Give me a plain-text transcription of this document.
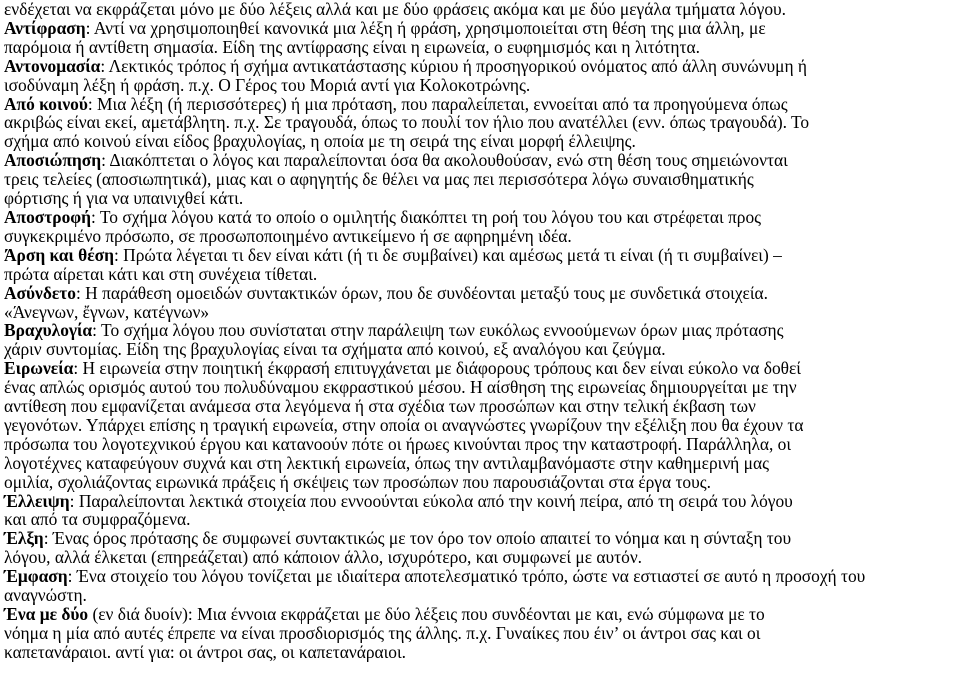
ενδέχεται να εκφράζεται μόνο με δύο λέξεις αλλά και με δύο φράσεις ακόμα και με δύο μεγάλα τμήματα λόγου.
Αντίφραση: Αντί να χρησιμοποιηθεί κανονικά μια λέξη ή φράση, χρησιμοποιείται στη θέση της μια άλλη, με
παρόμοια ή αντίθετη σημασία. Είδη της αντίφρασης είναι η ειρωνεία, ο ευφημισμός και η λιτότητα.
Αντονομασία: Λεκτικός τρόπος ή σχήμα αντικατάστασης κύριου ή προσηγορικού ονόματος από άλλη συνώνυμη ή
ισοδύναμη λέξη ή φράση. π.χ. Ο Γέρος του Μοριά αντί για Κολοκοτρώνης.
Από κοινού: Μια λέξη (ή περισσότερες) ή μια πρόταση, που παραλείπεται, εννοείται από τα προηγούμενα όπως
ακριβώς είναι εκεί, αμετάβλητη. π.χ. Σε τραγουδά, όπως το πουλί τον ήλιο που ανατέλλει (ενν. όπως τραγουδά). Το
σχήμα από κοινού είναι είδος βραχυλογίας, η οποία με τη σειρά της είναι μορφή έλλειψης.
Αποσιώπηση: Διακόπτεται ο λόγος και παραλείπονται όσα θα ακολουθούσαν, ενώ στη θέση τους σημειώνονται
τρεις τελείες (αποσιωπητικά), μιας και ο αφηγητής δε θέλει να μας πει περισσότερα λόγω συναισθηματικής
φόρτισης ή για να υπαινιχθεί κάτι.
Αποστροφή: Το σχήμα λόγου κατά το οποίο ο ομιλητής διακόπτει τη ροή του λόγου του και στρέφεται προς
συγκεκριμένο πρόσωπο, σε προσωποποιημένο αντικείμενο ή σε αφηρημένη ιδέα.
Άρση και θέση: Πρώτα λέγεται τι δεν είναι κάτι (ή τι δε συμβαίνει) και αμέσως μετά τι είναι (ή τι συμβαίνει) –
πρώτα αίρεται κάτι και στη συνέχεια τίθεται.
Ασύνδετο: Η παράθεση ομοειδών συντακτικών όρων, που δε συνδέονται μεταξύ τους με συνδετικά στοιχεία.
«Άνεγνων, ἔγνων, κατέγνων»
Βραχυλογία: Το σχήμα λόγου που συνίσταται στην παράλειψη των ευκόλως εννοούμενων όρων μιας πρότασης
χάριν συντομίας. Είδη της βραχυλογίας είναι τα σχήματα από κοινού, εξ αναλόγου και ζεύγμα.
Ειρωνεία: Η ειρωνεία στην ποιητική έκφρασή επιτυγχάνεται με διάφορους τρόπους και δεν είναι εύκολο να δοθεί
ένας απλώς ορισμός αυτού του πολυδύναμου εκφραστικού μέσου. Η αίσθηση της ειρωνείας δημιουργείται με την
αντίθεση που εμφανίζεται ανάμεσα στα λεγόμενα ή στα σχέδια των προσώπων και στην τελική έκβαση των
γεγονότων. Υπάρχει επίσης η τραγική ειρωνεία, στην οποία οι αναγνώστες γνωρίζουν την εξέλιξη που θα έχουν τα
πρόσωπα του λογοτεχνικού έργου και κατανοούν πότε οι ήρωες κινούνται προς την καταστροφή. Παράλληλα, οι
λογοτέχνες καταφεύγουν συχνά και στη λεκτική ειρωνεία, όπως την αντιλαμβανόμαστε στην καθημερινή μας
ομιλία, σχολιάζοντας ειρωνικά πράξεις ή σκέψεις των προσώπων που παρουσιάζονται στα έργα τους.
Έλλειψη: Παραλείπονται λεκτικά στοιχεία που εννοούνται εύκολα από την κοινή πείρα, από τη σειρά του λόγου
και από τα συμφραζόμενα.
Έλξη: Ένας όρος πρότασης δε συμφωνεί συντακτικώς με τον όρο τον οποίο απαιτεί το νόημα και η σύνταξη του
λόγου, αλλά έλκεται (επηρεάζεται) από κάποιον άλλο, ισχυρότερο, και συμφωνεί με αυτόν.
Έμφαση: Ένα στοιχείο του λόγου τονίζεται με ιδιαίτερα αποτελεσματικό τρόπο, ώστε να εστιαστεί σε αυτό η προσοχή του
αναγνώστη.
Ένα με δύο (εν διά δυοίν): Μια έννοια εκφράζεται με δύο λέξεις που συνδέονται με και, ενώ σύμφωνα με το
νόημα η μία από αυτές έπρεπε να είναι προσδιορισμός της άλλης. π.χ. Γυναίκες που έιν’ οι άντροι σας και οι
καπετανάραιοι. αντί για: οι άντροι σας, οι καπετανάραιοι.
